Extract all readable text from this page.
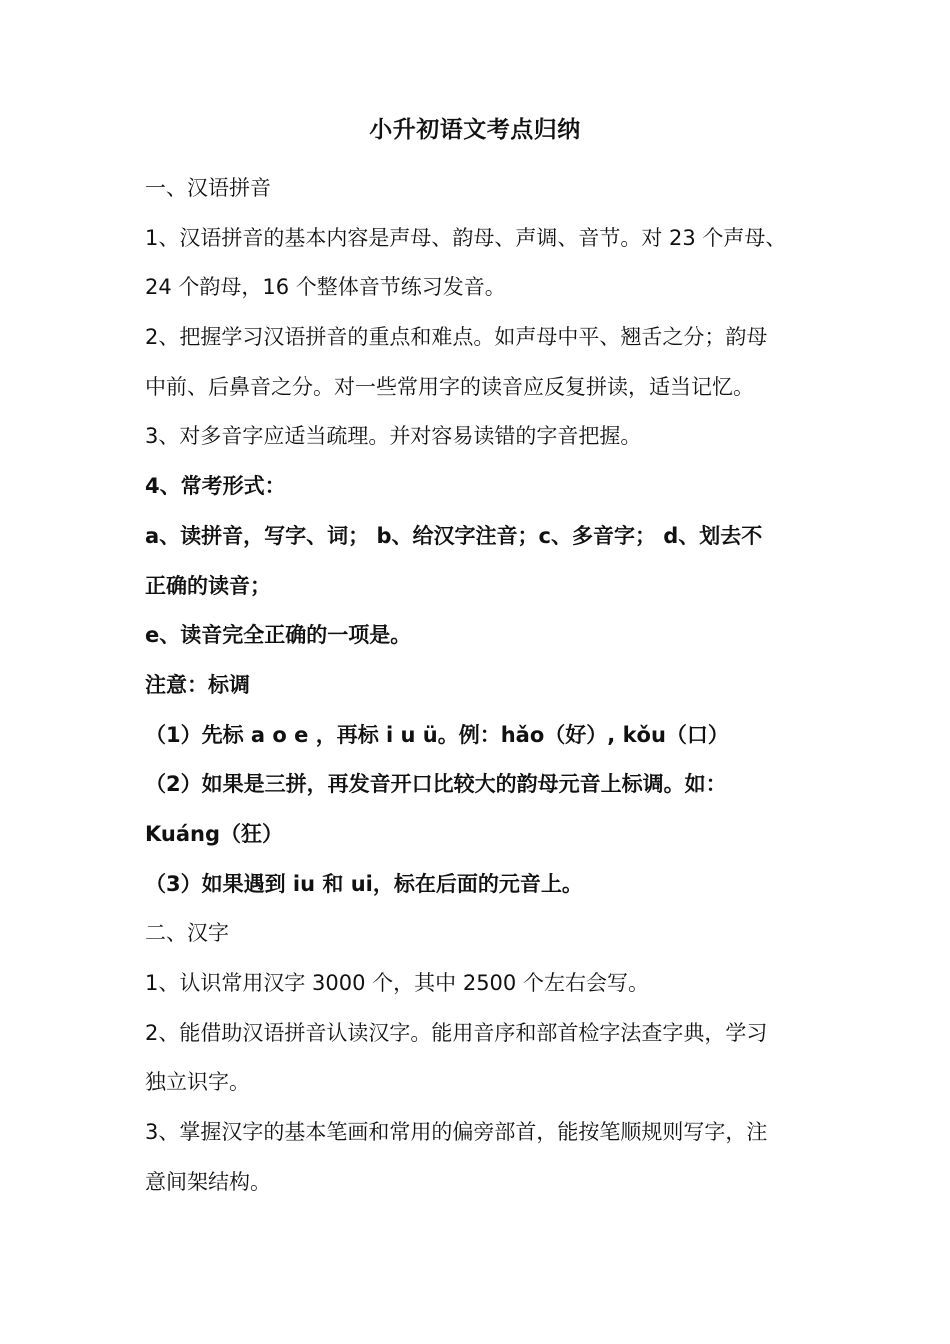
小升初语文考点归纳
一、汉语拼音
1、汉语拼音的基本内容是声母、韵母、声调、音节。对 23 个声母、
24 个韵母，16 个整体音节练习发音。
2、把握学习汉语拼音的重点和难点。如声母中平、翘舌之分；韵母
中前、后鼻音之分。对一些常用字的读音应反复拼读，适当记忆。
3、对多音字应适当疏理。并对容易读错的字音把握。
4、常考形式：
a、读拼音，写字、词； b、给汉字注音；c、多音字； d、划去不
正确的读音；
e、读音完全正确的一项是。
注意：标调
（1）先标 a o e ，再标 i u ü。例：hǎo（好）, kǒu（口）
（2）如果是三拼，再发音开口比较大的韵母元音上标调。如：
Kuáng（狂）
（3）如果遇到 iu 和 ui，标在后面的元音上。
二、汉字
1、认识常用汉字 3000 个，其中 2500 个左右会写。
2、能借助汉语拼音认读汉字。能用音序和部首检字法查字典，学习
独立识字。
3、掌握汉字的基本笔画和常用的偏旁部首，能按笔顺规则写字，注
意间架结构。
